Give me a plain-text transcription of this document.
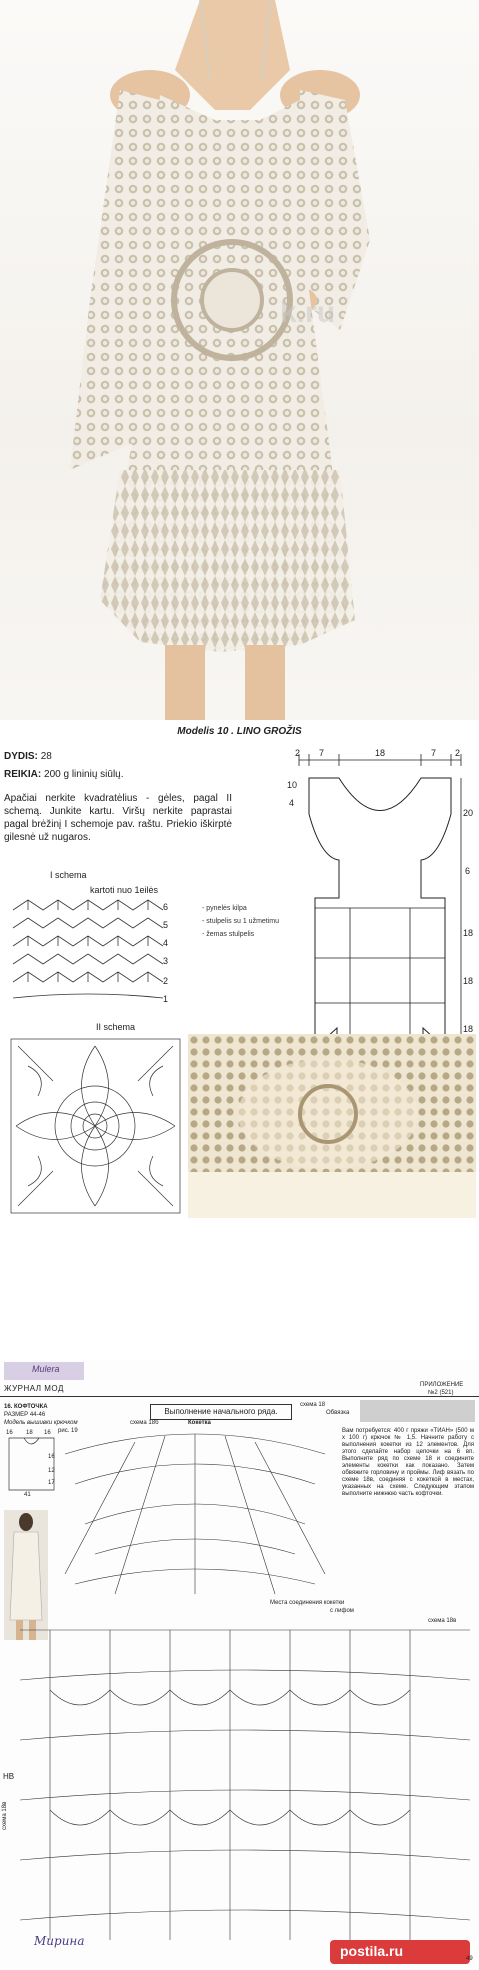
k.ru
Modelis 10 . LINO GROŽIS
DYDIS: 28
REIKIA: 200 g lininių siūlų.
Apačiai nerkite kvadratėlius - gėles, pagal II schemą. Junkite kartu. Viršų nerkite paprastai pagal brėžinį I schemoje pav. raštu. Priekio iškirptė gilesnė už nugaros.
2 7	18	7 2
10
4
20
6
18
18
18
I schema
kartoti nuo 1eilės
6
5
4
3
2
1
- pynelės kilpa
- stulpelis su 1 užmetimu
- žemas stulpelis
II schema
Mulera
ЖУРНАЛ МОД	ПРИЛОЖЕНИЕ
№2 (521)
Выполнение начального ряда.
схема 18
Обвязка
16. КОФТОЧКА
РАЗМЕР 44-46
Модель вышивки крючком
16 18 16
16
12
17
41
рис. 19
схема 18б	Кокетка
Вам потребуется: 400 г пряжи «ТИАН» (500 м х 100 г) крючок № 1,5. Начните работу с выполнения кокетки из 12 элементов. Для этого сделайте набор цепочки на 6 вп. Выполните ряд по схеме 18 и соедините элементы кокетки как показано. Затем обвяжите горловину и проймы. Лиф вязать по схеме 18в, соединяя с кокеткой в местах, указанных на схеме. Следующим этапом выполните нижнюю часть кофточки.
Места соединения кокетки
с лифом
схема 18в
НВ
схема 18в
Мирина
postila.ru	49
